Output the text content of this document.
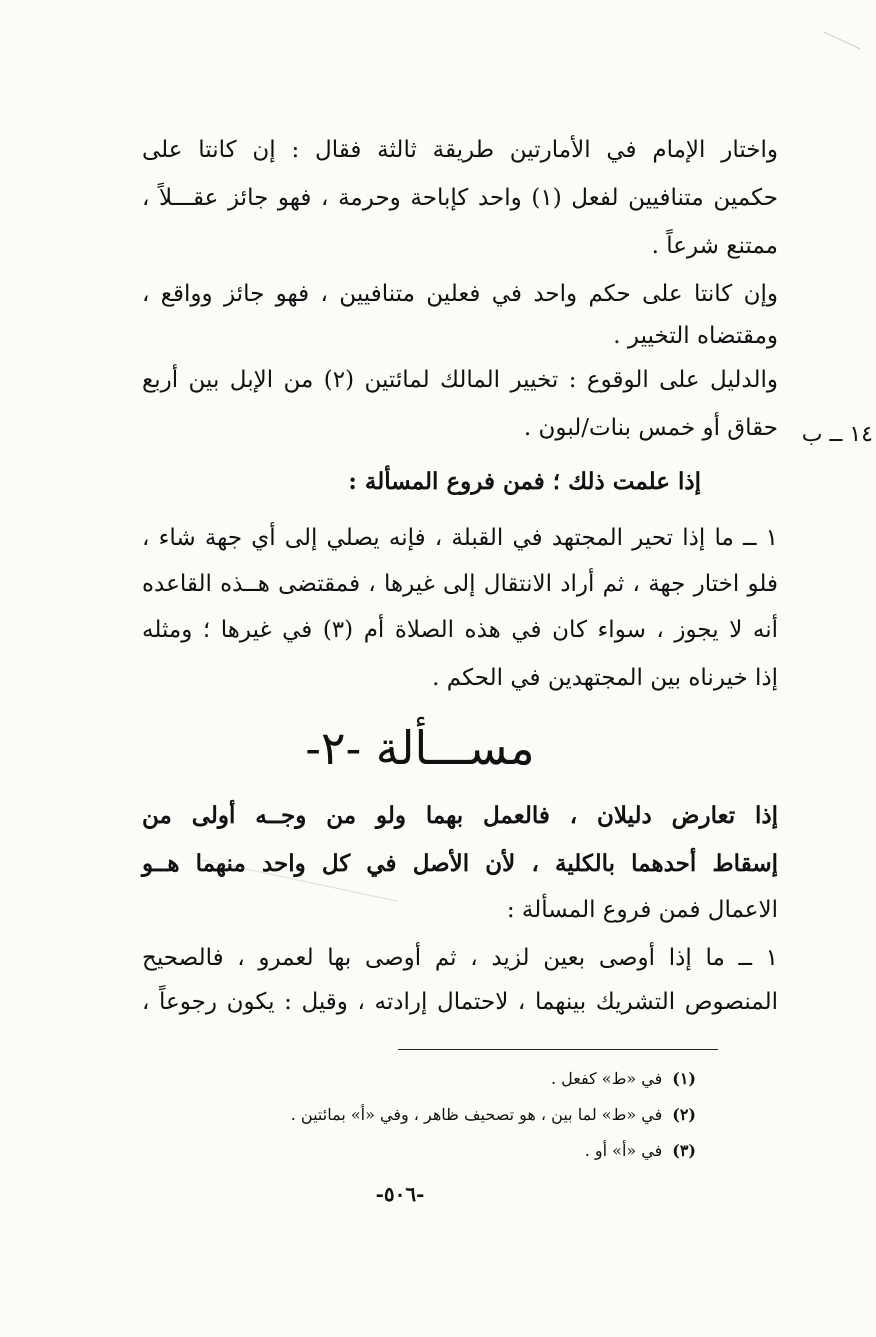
واختار الإمام في الأمارتين طريقة ثالثة فقال : إن كانتا على
حكمين متنافيين لفعل (١) واحد كإباحة وحرمة ، فهو جائز عقـــلاً ،
ممتنع شرعاً .
وإن كانتا على حكم واحد في فعلين متنافيين ، فهو جائز وواقع ،
ومقتضاه التخيير .
والدليل على الوقوع : تخيير المالك لمائتين (٢) من الإبل بين أربع
حقاق أو خمس بنات/لبون .	١٤ ــ ب
إذا علمت ذلك ؛ فمن فروع المسألة :
١ ــ ما إذا تحير المجتهد في القبلة ، فإنه يصلي إلى أي جهة شاء ،
فلو اختار جهة ، ثم أراد الانتقال إلى غيرها ، فمقتضى هــذه القاعده
أنه لا يجوز ، سواء كان في هذه الصلاة أم (٣) في غيرها ؛ ومثله
إذا خيرناه بين المجتهدين في الحكم .
مســـألة -٢-
إذا تعارض دليلان ، فالعمل بهما ولو من وجــه أولى من
إسقاط أحدهما بالكلية ، لأن الأصل في كل واحد منهما هــو
الاعمال فمن فروع المسألة :
١ ــ ما إذا أوصى بعين لزيد ، ثم أوصى بها لعمرو ، فالصحيح
المنصوص التشريك بينهما ، لاحتمال إرادته ، وقيل : يكون رجوعاً ،
(١)في «ط» كفعل .
(٢)في «ط» لما بين ، هو تصحيف ظاهر ، وفي «أ» بمائتين .
(٣)في «أ» أو .
-٥٠٦-
